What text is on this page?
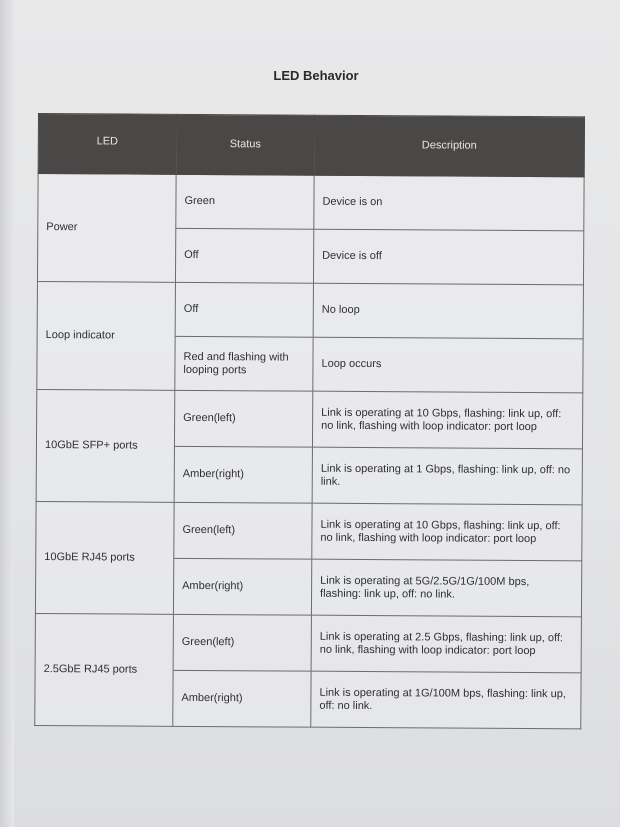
LED Behavior
LED	Status	Description
Power	Green	Device is on
	Off	Device is off
Loop indicator	Off	No loop
	Red and flashing with looping ports	Loop occurs
10GbE SFP+ ports	Green(left)	Link is operating at 10 Gbps, flashing: link up, off: no link, flashing with loop indicator: port loop
	Amber(right)	Link is operating at 1 Gbps, flashing: link up, off: no link.
10GbE RJ45 ports	Green(left)	Link is operating at 10 Gbps, flashing: link up, off: no link, flashing with loop indicator: port loop
	Amber(right)	Link is operating at 5G/2.5G/1G/100M bps, flashing: link up, off: no link.
2.5GbE RJ45 ports	Green(left)	Link is operating at 2.5 Gbps, flashing: link up, off: no link, flashing with loop indicator: port loop
	Amber(right)	Link is operating at 1G/100M bps, flashing: link up, off: no link.
